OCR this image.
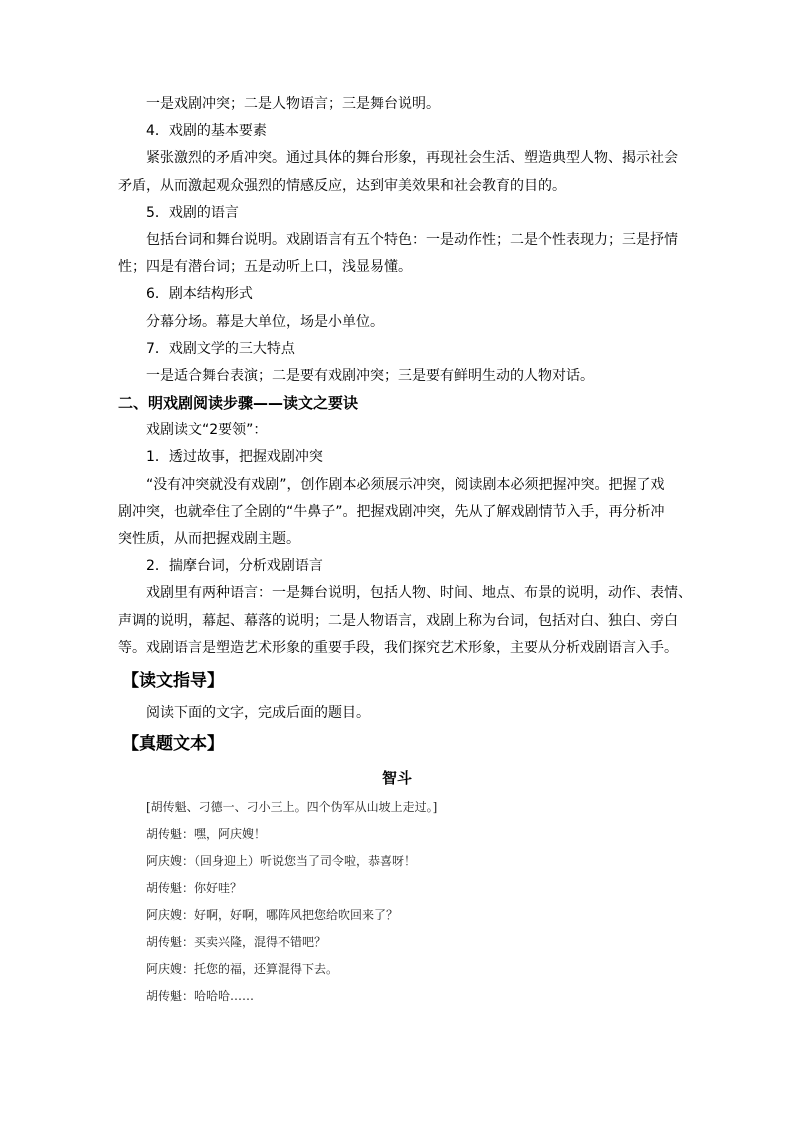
一是戏剧冲突；二是人物语言；三是舞台说明。
4．戏剧的基本要素
紧张激烈的矛盾冲突。通过具体的舞台形象，再现社会生活、塑造典型人物、揭示社会
矛盾，从而激起观众强烈的情感反应，达到审美效果和社会教育的目的。
5．戏剧的语言
包括台词和舞台说明。戏剧语言有五个特色：一是动作性；二是个性表现力；三是抒情
性；四是有潜台词；五是动听上口，浅显易懂。
6．剧本结构形式
分幕分场。幕是大单位，场是小单位。
7．戏剧文学的三大特点
一是适合舞台表演；二是要有戏剧冲突；三是要有鲜明生动的人物对话。
二、明戏剧阅读步骤——读文之要诀
戏剧读文“2要领”：
1．透过故事，把握戏剧冲突
“没有冲突就没有戏剧”，创作剧本必须展示冲突，阅读剧本必须把握冲突。把握了戏
剧冲突，也就牵住了全剧的“牛鼻子”。把握戏剧冲突，先从了解戏剧情节入手，再分析冲
突性质，从而把握戏剧主题。
2．揣摩台词，分析戏剧语言
戏剧里有两种语言：一是舞台说明，包括人物、时间、地点、布景的说明，动作、表情、
声调的说明，幕起、幕落的说明；二是人物语言，戏剧上称为台词，包括对白、独白、旁白
等。戏剧语言是塑造艺术形象的重要手段，我们探究艺术形象，主要从分析戏剧语言入手。
【读文指导】
阅读下面的文字，完成后面的题目。
【真题文本】
智斗
[胡传魁、刁德一、刁小三上。四个伪军从山坡上走过。]
胡传魁：嘿，阿庆嫂！
阿庆嫂：（回身迎上）听说您当了司令啦，恭喜呀！
胡传魁：你好哇？
阿庆嫂：好啊，好啊，哪阵风把您给吹回来了？
胡传魁：买卖兴隆，混得不错吧？
阿庆嫂：托您的福，还算混得下去。
胡传魁：哈哈哈……
